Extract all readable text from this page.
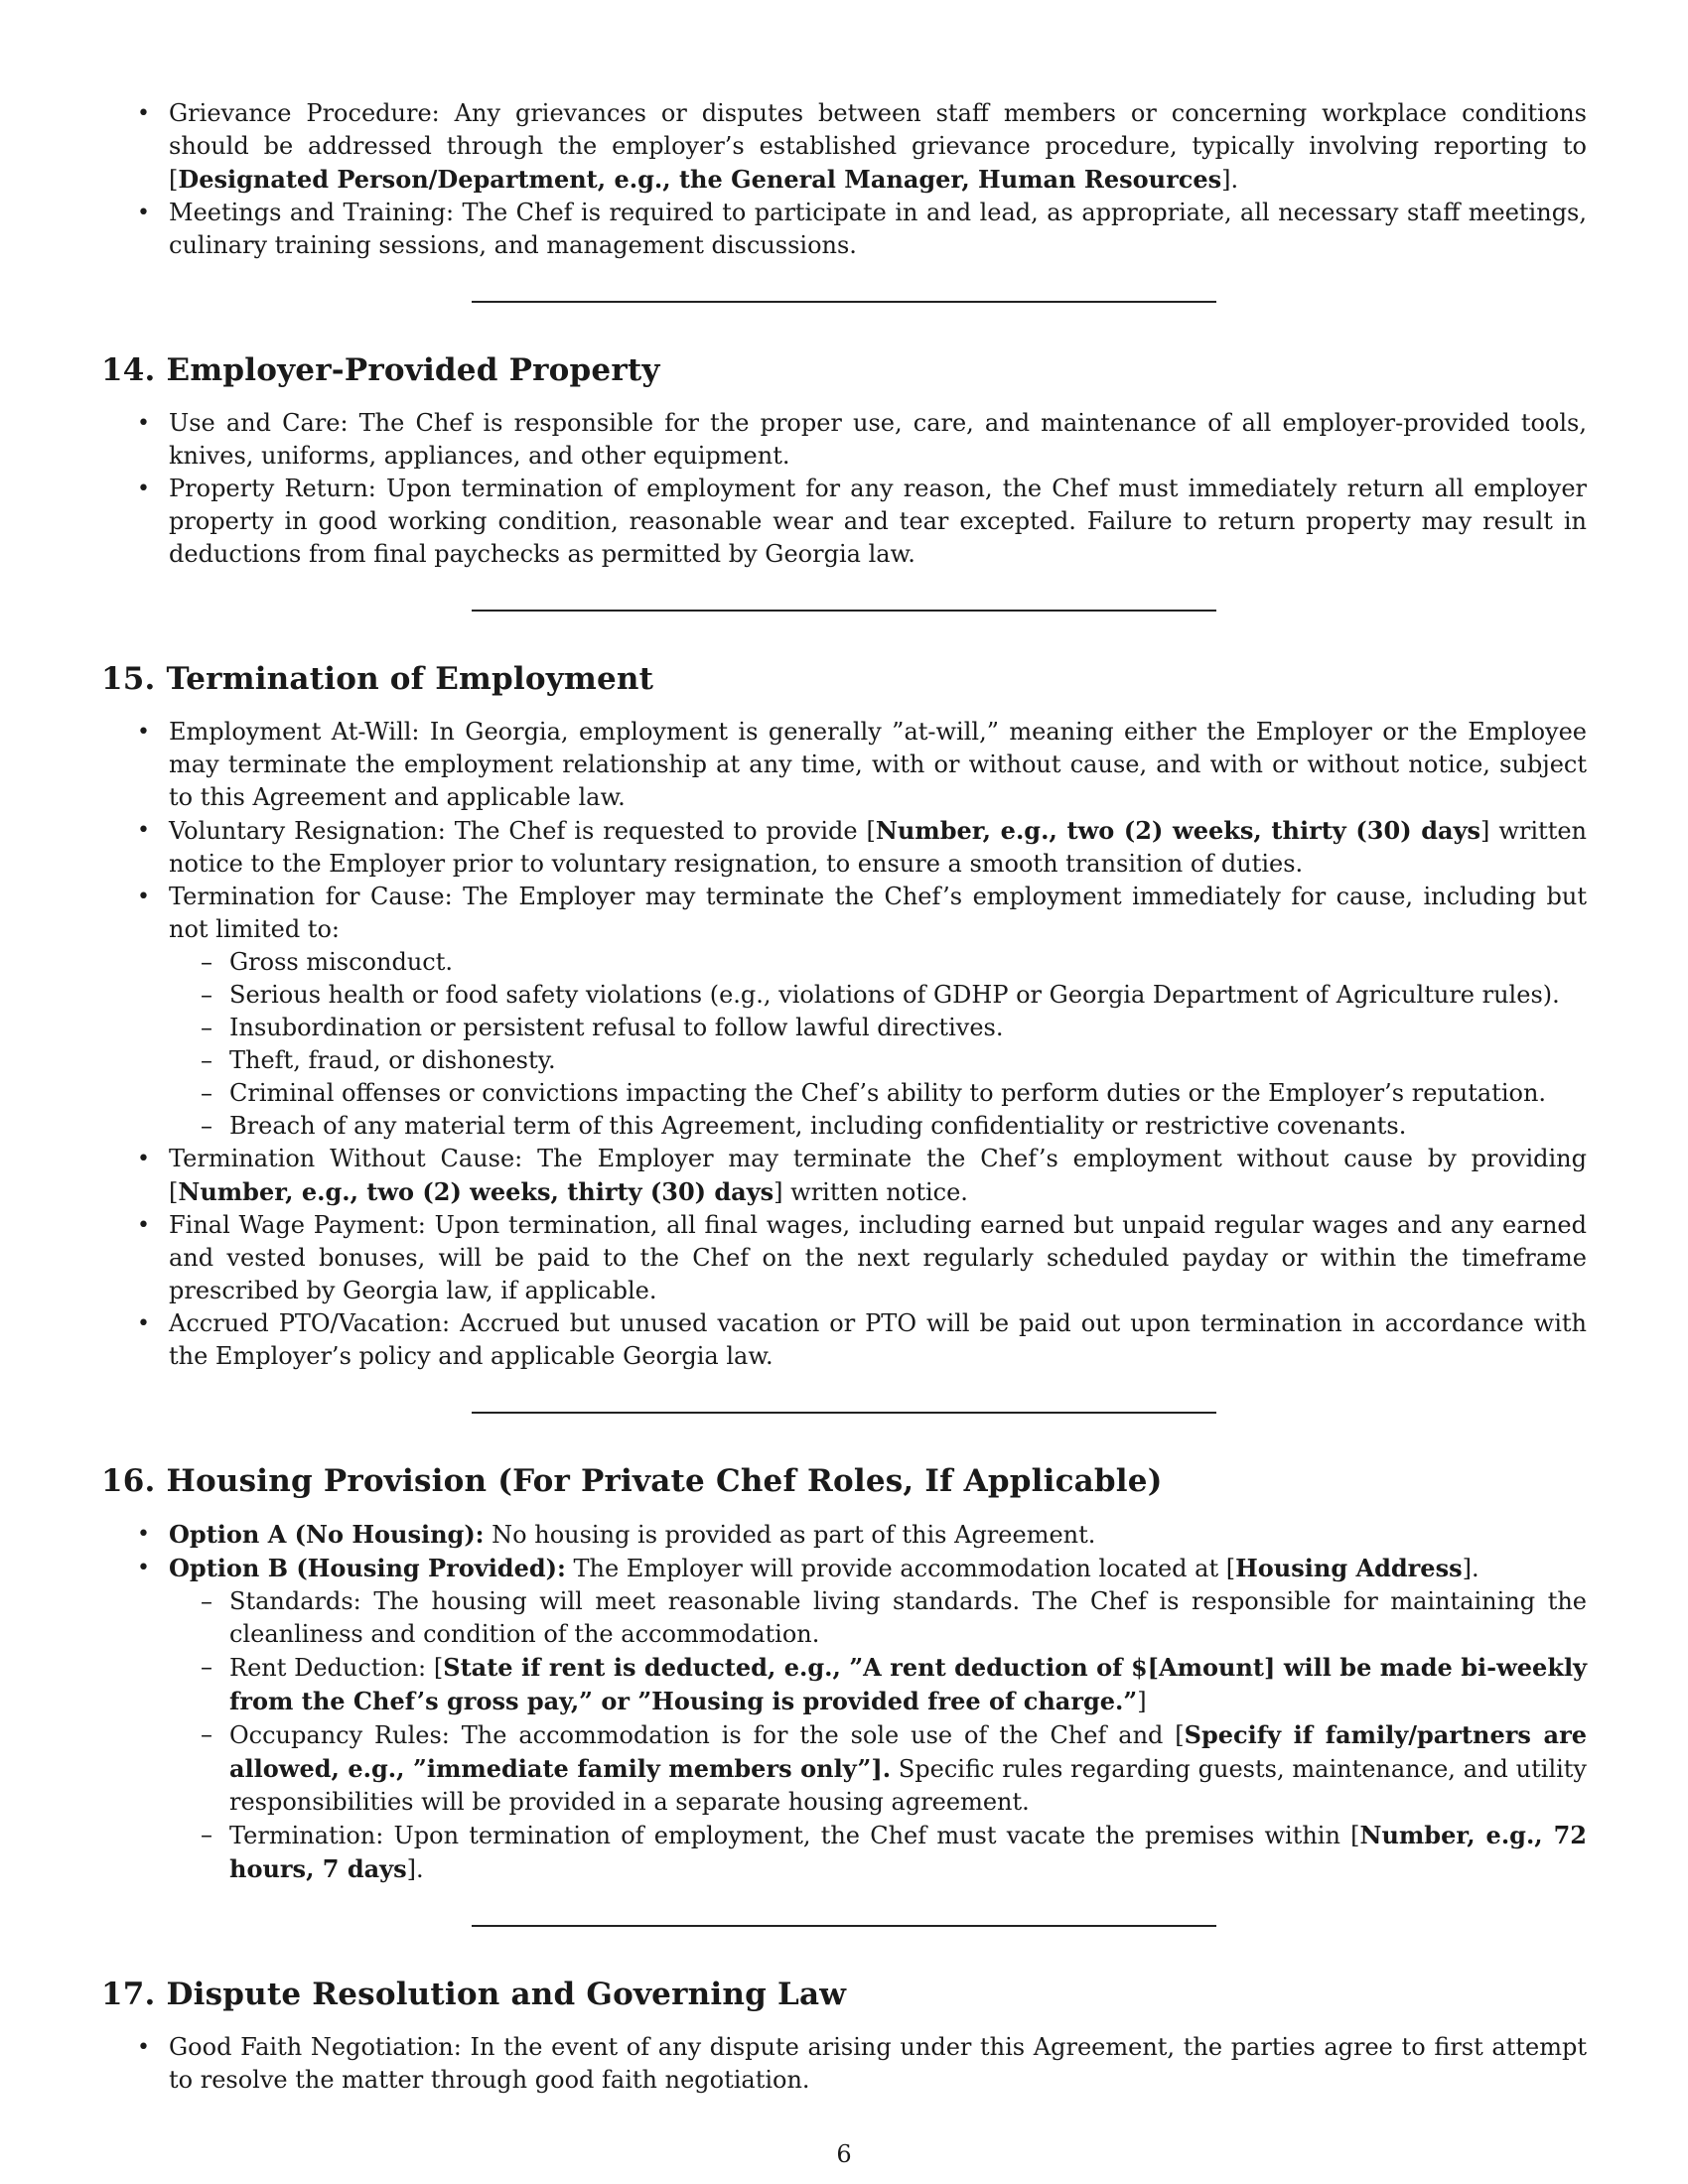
• Grievance Procedure: Any grievances or disputes between staff members or concerning workplace conditions should be addressed through the employer’s established grievance procedure, typically involving reporting to [Designated Person/Department, e.g., the General Manager, Human Resources].
• Meetings and Training: The Chef is required to participate in and lead, as appropriate, all necessary staff meetings, culinary training sessions, and management discussions.
14. Employer-Provided Property
• Use and Care: The Chef is responsible for the proper use, care, and maintenance of all employer-provided tools, knives, uniforms, appliances, and other equipment.
• Property Return: Upon termination of employment for any reason, the Chef must immediately return all employer property in good working condition, reasonable wear and tear excepted. Failure to return property may result in deductions from final paychecks as permitted by Georgia law.
15. Termination of Employment
• Employment At-Will: In Georgia, employment is generally ”at-will,” meaning either the Employer or the Employee may terminate the employment relationship at any time, with or without cause, and with or without notice, subject to this Agreement and applicable law.
• Voluntary Resignation: The Chef is requested to provide [Number, e.g., two (2) weeks, thirty (30) days] written notice to the Employer prior to voluntary resignation, to ensure a smooth transition of duties.
• Termination for Cause: The Employer may terminate the Chef’s employment immediately for cause, including but not limited to:
– Gross misconduct.
– Serious health or food safety violations (e.g., violations of GDHP or Georgia Department of Agriculture rules).
– Insubordination or persistent refusal to follow lawful directives.
– Theft, fraud, or dishonesty.
– Criminal offenses or convictions impacting the Chef’s ability to perform duties or the Employer’s reputation.
– Breach of any material term of this Agreement, including confidentiality or restrictive covenants.
• Termination Without Cause: The Employer may terminate the Chef’s employment without cause by providing [Number, e.g., two (2) weeks, thirty (30) days] written notice.
• Final Wage Payment: Upon termination, all final wages, including earned but unpaid regular wages and any earned and vested bonuses, will be paid to the Chef on the next regularly scheduled payday or within the timeframe prescribed by Georgia law, if applicable.
• Accrued PTO/Vacation: Accrued but unused vacation or PTO will be paid out upon termination in accordance with the Employer’s policy and applicable Georgia law.
16. Housing Provision (For Private Chef Roles, If Applicable)
• Option A (No Housing): No housing is provided as part of this Agreement.
• Option B (Housing Provided): The Employer will provide accommodation located at [Housing Address].
– Standards: The housing will meet reasonable living standards. The Chef is responsible for maintaining the cleanliness and condition of the accommodation.
– Rent Deduction: [State if rent is deducted, e.g., ”A rent deduction of $[Amount] will be made bi-weekly from the Chef’s gross pay,” or ”Housing is provided free of charge.”]
– Occupancy Rules: The accommodation is for the sole use of the Chef and [Specify if family/partners are allowed, e.g., ”immediate family members only”]. Specific rules regarding guests, maintenance, and utility responsibilities will be provided in a separate housing agreement.
– Termination: Upon termination of employment, the Chef must vacate the premises within [Number, e.g., 72 hours, 7 days].
17. Dispute Resolution and Governing Law
• Good Faith Negotiation: In the event of any dispute arising under this Agreement, the parties agree to first attempt to resolve the matter through good faith negotiation.
6
